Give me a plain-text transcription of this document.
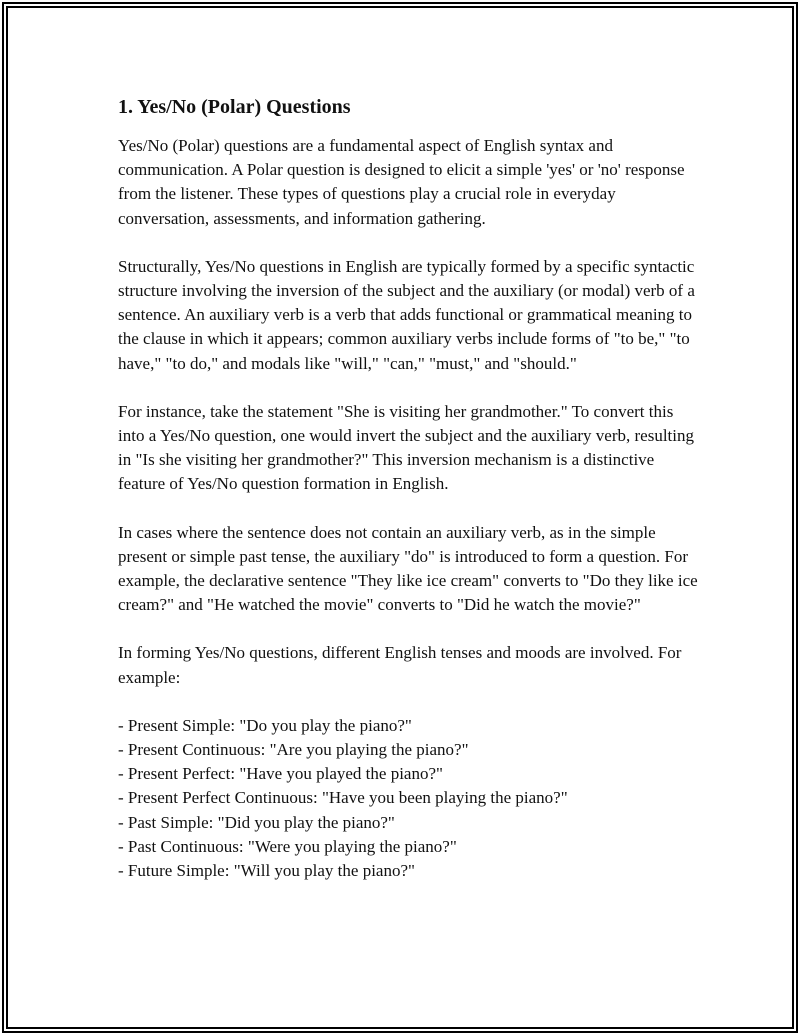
1. Yes/No (Polar) Questions

Yes/No (Polar) questions are a fundamental aspect of English syntax and communication. A Polar question is designed to elicit a simple 'yes' or 'no' response from the listener. These types of questions play a crucial role in everyday conversation, assessments, and information gathering.

Structurally, Yes/No questions in English are typically formed by a specific syntactic structure involving the inversion of the subject and the auxiliary (or modal) verb of a sentence. An auxiliary verb is a verb that adds functional or grammatical meaning to the clause in which it appears; common auxiliary verbs include forms of "to be," "to have," "to do," and modals like "will," "can," "must," and "should."

For instance, take the statement "She is visiting her grandmother." To convert this into a Yes/No question, one would invert the subject and the auxiliary verb, resulting in "Is she visiting her grandmother?" This inversion mechanism is a distinctive feature of Yes/No question formation in English.

In cases where the sentence does not contain an auxiliary verb, as in the simple present or simple past tense, the auxiliary "do" is introduced to form a question. For example, the declarative sentence "They like ice cream" converts to "Do they like ice cream?" and "He watched the movie" converts to "Did he watch the movie?"

In forming Yes/No questions, different English tenses and moods are involved. For example:

- Present Simple: "Do you play the piano?"
- Present Continuous: "Are you playing the piano?"
- Present Perfect: "Have you played the piano?"
- Present Perfect Continuous: "Have you been playing the piano?"
- Past Simple: "Did you play the piano?"
- Past Continuous: "Were you playing the piano?"
- Future Simple: "Will you play the piano?"
